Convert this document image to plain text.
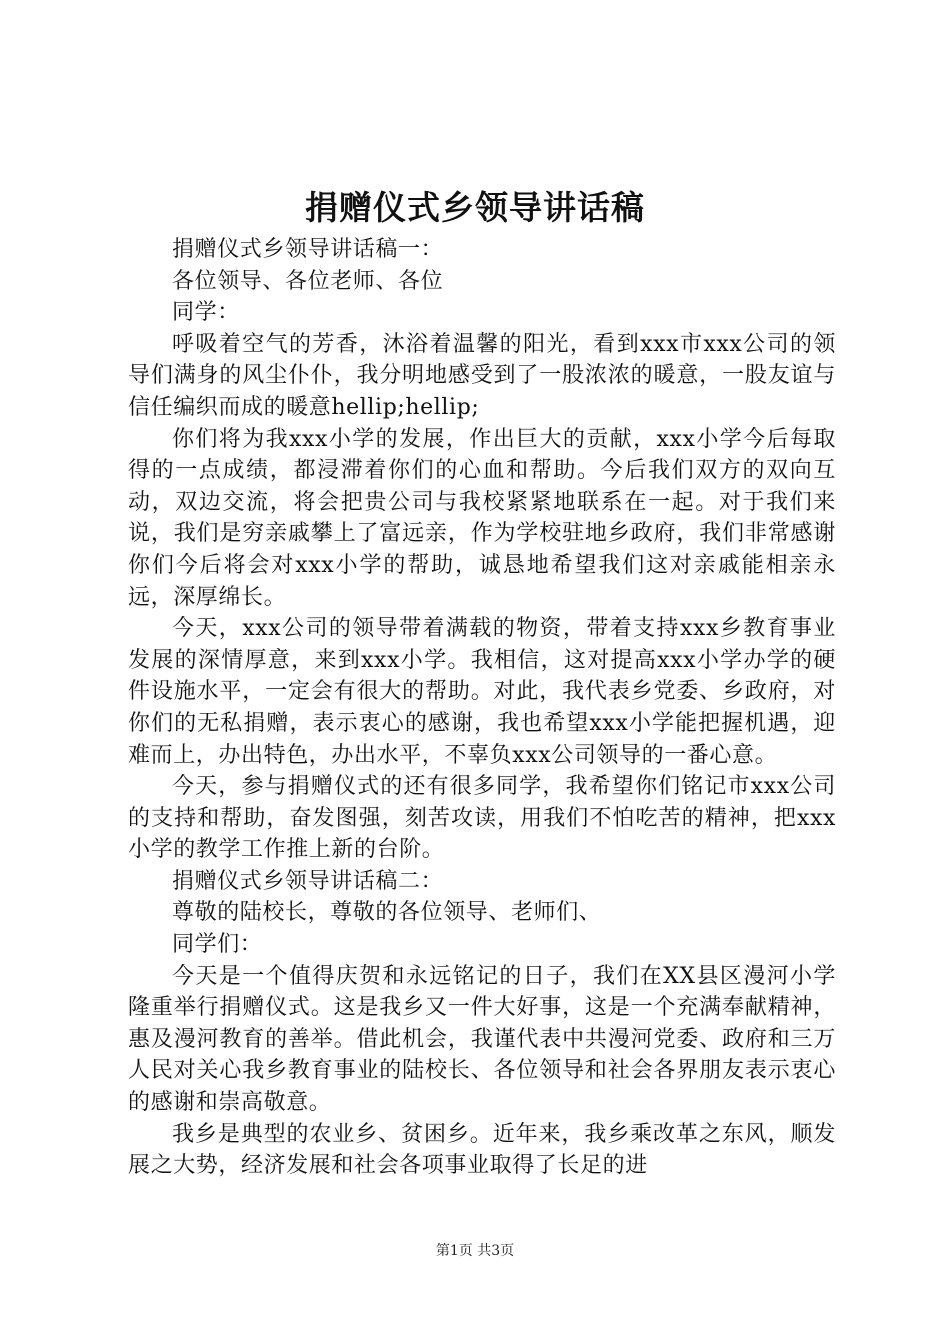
捐赠仪式乡领导讲话稿

捐赠仪式乡领导讲话稿一：

各位领导、各位老师、各位

同学：

呼吸着空气的芳香，沐浴着温馨的阳光，看到xxx市xxx公司的领导们满身的风尘仆仆，我分明地感受到了一股浓浓的暖意，一股友谊与信任编织而成的暖意hellip;hellip;

你们将为我xxx小学的发展，作出巨大的贡献，xxx小学今后每取得的一点成绩，都浸滞着你们的心血和帮助。今后我们双方的双向互动，双边交流，将会把贵公司与我校紧紧地联系在一起。对于我们来说，我们是穷亲戚攀上了富远亲，作为学校驻地乡政府，我们非常感谢你们今后将会对xxx小学的帮助，诚恳地希望我们这对亲戚能相亲永远，深厚绵长。

今天，xxx公司的领导带着满载的物资，带着支持xxx乡教育事业发展的深情厚意，来到xxx小学。我相信，这对提高xxx小学办学的硬件设施水平，一定会有很大的帮助。对此，我代表乡党委、乡政府，对你们的无私捐赠，表示衷心的感谢，我也希望xxx小学能把握机遇，迎难而上，办出特色，办出水平，不辜负xxx公司领导的一番心意。

今天，参与捐赠仪式的还有很多同学，我希望你们铭记市xxx公司的支持和帮助，奋发图强，刻苦攻读，用我们不怕吃苦的精神，把xxx小学的教学工作推上新的台阶。

捐赠仪式乡领导讲话稿二：

尊敬的陆校长，尊敬的各位领导、老师们、

同学们：

今天是一个值得庆贺和永远铭记的日子，我们在XX县区漫河小学隆重举行捐赠仪式。这是我乡又一件大好事，这是一个充满奉献精神，惠及漫河教育的善举。借此机会，我谨代表中共漫河党委、政府和三万人民对关心我乡教育事业的陆校长、各位领导和社会各界朋友表示衷心的感谢和崇高敬意。

我乡是典型的农业乡、贫困乡。近年来，我乡乘改革之东风，顺发展之大势，经济发展和社会各项事业取得了长足的进

第1页 共3页
